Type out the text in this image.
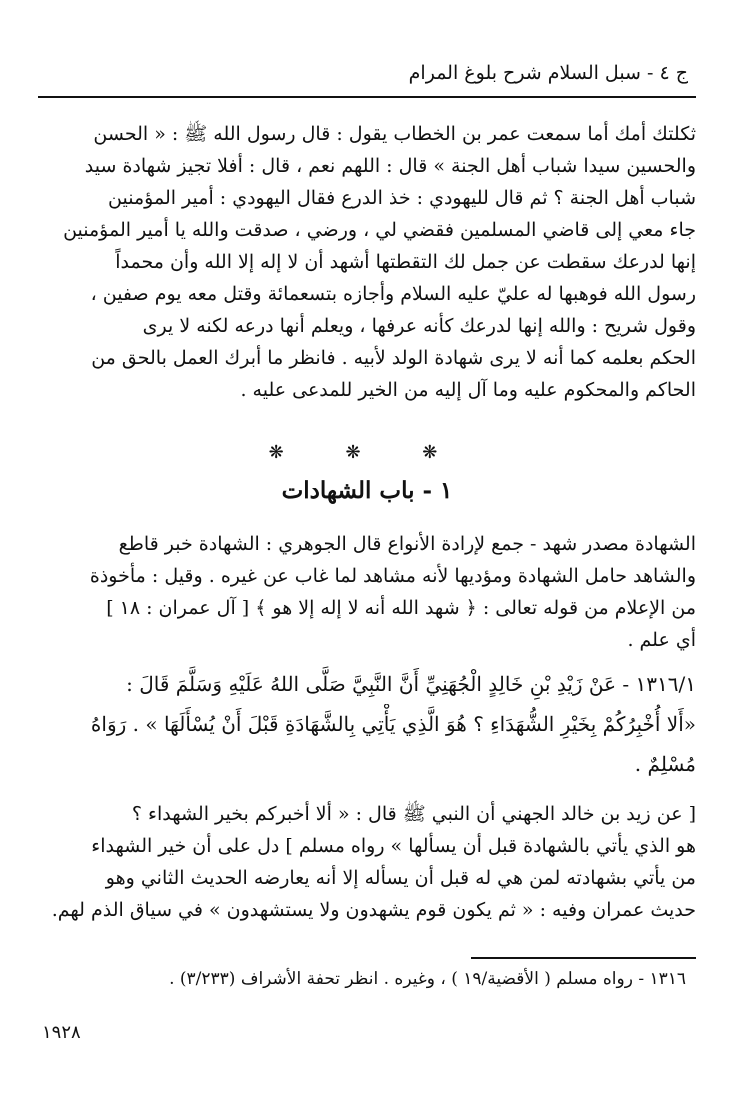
ج ٤ - سبل السلام شرح بلوغ المرام
ثكلتك أمك أما سمعت عمر بن الخطاب يقول : قال رسول الله ﷺ : « الحسن
والحسين سيدا شباب أهل الجنة » قال : اللهم نعم ، قال : أفلا تجيز شهادة سيد
شباب أهل الجنة ؟ ثم قال لليهودي : خذ الدرع فقال اليهودي : أمير المؤمنين
جاء معي إلى قاضي المسلمين فقضي لي ، ورضي ، صدقت والله يا أمير المؤمنين
إنها لدرعك سقطت عن جمل لك التقطتها أشهد أن لا إله إلا الله وأن محمداً
رسول الله فوهبها له عليّ عليه السلام وأجازه بتسعمائة وقتل معه يوم صفين ،
وقول شريح : والله إنها لدرعك كأنه عرفها ، ويعلم أنها درعه لكنه لا يرى
الحكم بعلمه كما أنه لا يرى شهادة الولد لأبيه . فانظر ما أبرك العمل بالحق من
الحاكم والمحكوم عليه وما آل إليه من الخير للمدعى عليه .
❋ ❋ ❋
١ - باب الشهادات
الشهادة مصدر شهد - جمع لإرادة الأنواع قال الجوهري : الشهادة خبر قاطع
والشاهد حامل الشهادة ومؤديها لأنه مشاهد لما غاب عن غيره . وقيل : مأخوذة
من الإعلام من قوله تعالى : ﴿ شهد الله أنه لا إله إلا هو ﴾ [ آل عمران : ١٨ ]
أي علم .
١٣١٦/١ - عَنْ زَيْدِ بْنِ خَالِدٍ الْجُهَنِيِّ أَنَّ النَّبِيَّ صَلَّى اللهُ عَلَيْهِ وَسَلَّمَ قَالَ :
«أَلا أُخْبِرُكُمْ بِخَيْرِ الشُّهَدَاءِ ؟ هُوَ الَّذِي يَأْتِي بِالشَّهَادَةِ قَبْلَ أَنْ يُسْأَلَهَا » . رَوَاهُ
مُسْلِمٌ .
[ عن زيد بن خالد الجهني أن النبي ﷺ قال : « ألا أخبركم بخير الشهداء ؟
هو الذي يأتي بالشهادة قبل أن يسألها » رواه مسلم ] دل على أن خير الشهداء
من يأتي بشهادته لمن هي له قبل أن يسأله إلا أنه يعارضه الحديث الثاني وهو
حديث عمران وفيه : « ثم يكون قوم يشهدون ولا يستشهدون » في سياق الذم لهم.
١٣١٦ - رواه مسلم ( الأقضية/١٩ ) ، وغيره . انظر تحفة الأشراف (٣/٢٣٣) .
١٩٢٨
